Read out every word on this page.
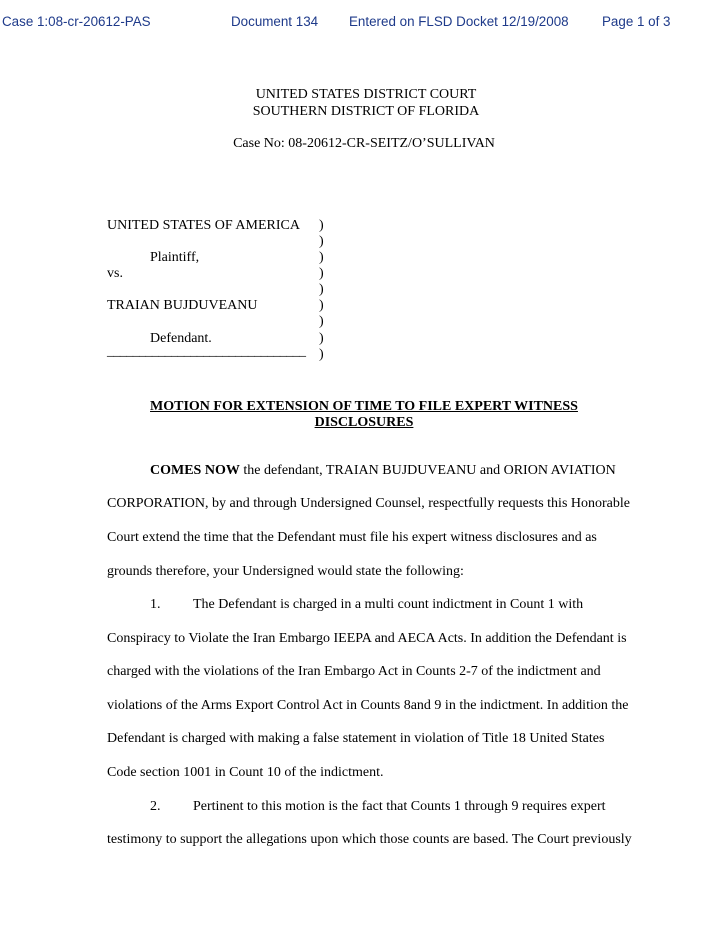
Case 1:08-cr-20612-PAS	Document 134 Entered on FLSD Docket 12/19/2008 Page 1 of 3
UNITED STATES DISTRICT COURT
SOUTHERN DISTRICT OF FLORIDA
Case No: 08-20612-CR-SEITZ/O’SULLIVAN
UNITED STATES OF AMERICA
Plaintiff,
vs.
TRAIAN BUJDUVEANU
Defendant.
_______________________________
)
)
)
)
)
)
)
)
)
MOTION FOR EXTENSION OF TIME TO FILE EXPERT WITNESS
DISCLOSURES
COMES NOW the defendant, TRAIAN BUJDUVEANU and ORION AVIATION
CORPORATION, by and through Undersigned Counsel, respectfully requests this Honorable
Court extend the time that the Defendant must file his expert witness disclosures and as
grounds therefore, your Undersigned would state the following:
1. The Defendant is charged in a multi count indictment in Count 1 with
Conspiracy to Violate the Iran Embargo IEEPA and AECA Acts. In addition the Defendant is
charged with the violations of the Iran Embargo Act in Counts 2-7 of the indictment and
violations of the Arms Export Control Act in Counts 8and 9 in the indictment. In addition the
Defendant is charged with making a false statement in violation of Title 18 United States
Code section 1001 in Count 10 of the indictment.
2. Pertinent to this motion is the fact that Counts 1 through 9 requires expert
testimony to support the allegations upon which those counts are based. The Court previously
